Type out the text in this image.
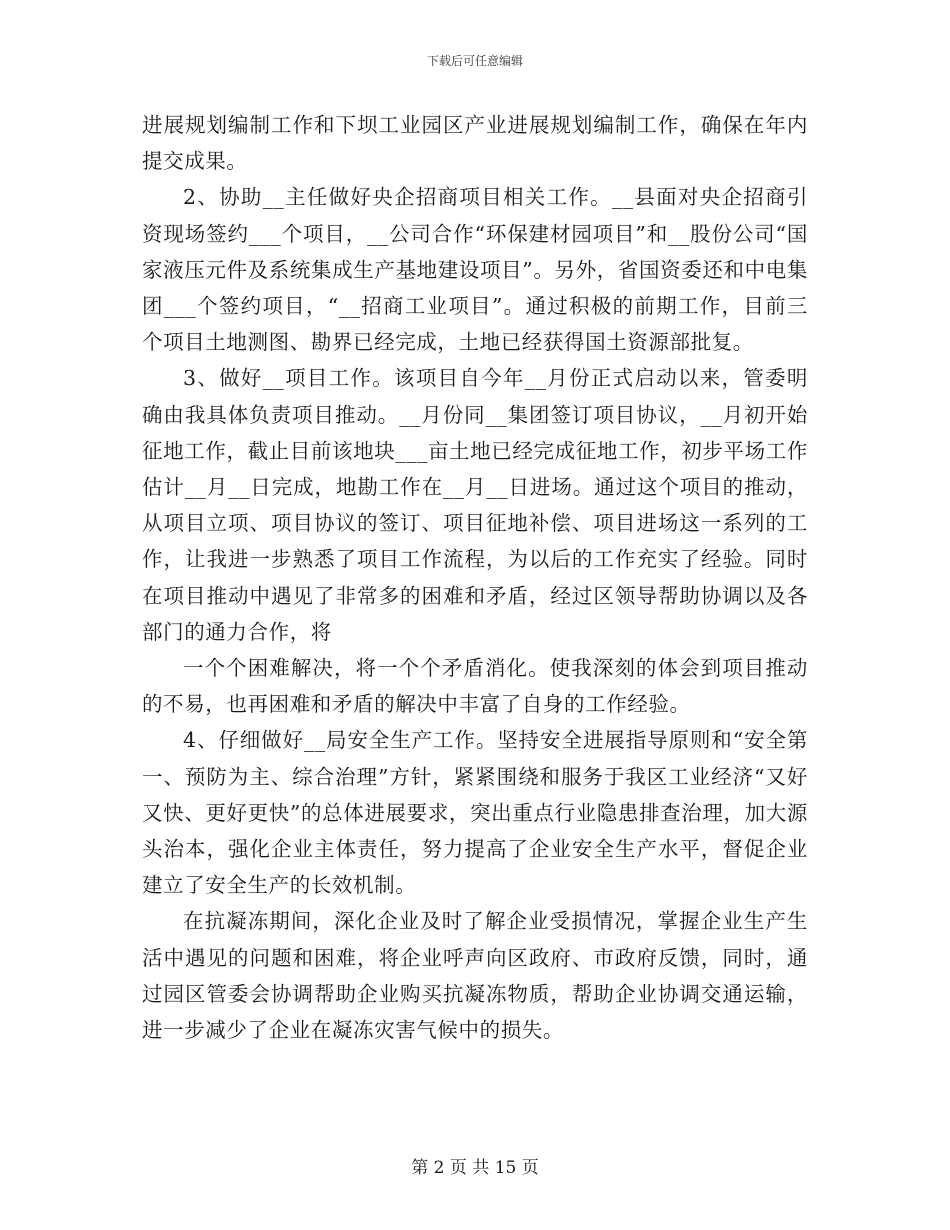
下载后可任意编辑

进展规划编制工作和下坝工业园区产业进展规划编制工作，确保在年内提交成果。

2、协助__主任做好央企招商项目相关工作。__县面对央企招商引资现场签约___个项目，__公司合作“环保建材园项目”和__股份公司“国家液压元件及系统集成生产基地建设项目”。另外，省国资委还和中电集团___个签约项目，“__招商工业项目”。通过积极的前期工作，目前三个项目土地测图、勘界已经完成，土地已经获得国土资源部批复。

3、做好__项目工作。该项目自今年__月份正式启动以来，管委明确由我具体负责项目推动。__月份同__集团签订项目协议，__月初开始征地工作，截止目前该地块___亩土地已经完成征地工作，初步平场工作估计__月__日完成，地勘工作在__月__日进场。通过这个项目的推动，从项目立项、项目协议的签订、项目征地补偿、项目进场这一系列的工作，让我进一步熟悉了项目工作流程，为以后的工作充实了经验。同时在项目推动中遇见了非常多的困难和矛盾，经过区领导帮助协调以及各部门的通力合作，将

一个个困难解决，将一个个矛盾消化。使我深刻的体会到项目推动的不易，也再困难和矛盾的解决中丰富了自身的工作经验。

4、仔细做好__局安全生产工作。坚持安全进展指导原则和“安全第一、预防为主、综合治理”方针，紧紧围绕和服务于我区工业经济“又好又快、更好更快”的总体进展要求，突出重点行业隐患排查治理，加大源头治本，强化企业主体责任，努力提高了企业安全生产水平，督促企业建立了安全生产的长效机制。

在抗凝冻期间，深化企业及时了解企业受损情况，掌握企业生产生活中遇见的问题和困难，将企业呼声向区政府、市政府反馈，同时，通过园区管委会协调帮助企业购买抗凝冻物质，帮助企业协调交通运输，进一步减少了企业在凝冻灾害气候中的损失。

第 2 页 共 15 页
